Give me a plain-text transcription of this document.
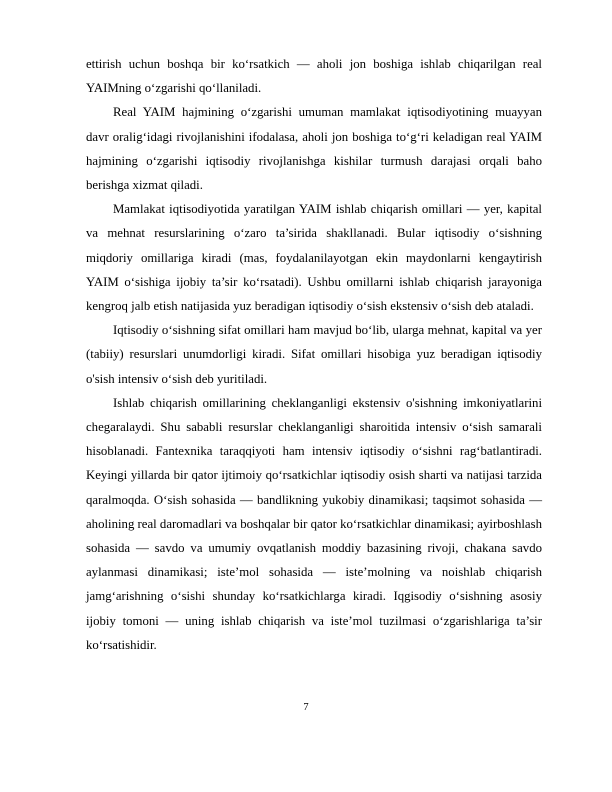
ettirish uchun boshqa bir ko‘rsatkich — aholi jon boshiga ishlab chiqarilgan real YAIMning o‘zgarishi qo‘llaniladi.

Real YAIM hajmining o‘zgarishi umuman mamlakat iqtisodiyotining muayyan davr oralig‘idagi rivojlanishini ifodalasa, aholi jon boshiga to‘g‘ri keladigan real YAIM hajmining o‘zgarishi iqtisodiy rivojlanishga kishilar turmush darajasi orqali baho berishga xizmat qiladi.

Mamlakat iqtisodiyotida yaratilgan YAIM ishlab chiqarish omillari — yer, kapital va mehnat resurslarining o‘zaro ta’sirida shakllanadi. Bular iqtisodiy o‘sishning miqdoriy omillariga kiradi (mas, foydalanilayotgan ekin maydonlarni kengaytirish YAIM o‘sishiga ijobiy ta’sir ko‘rsatadi). Ushbu omillarni ishlab chiqarish jarayoniga kengroq jalb etish natijasida yuz beradigan iqtisodiy o‘sish ekstensiv o‘sish deb ataladi.

Iqtisodiy o‘sishning sifat omillari ham mavjud bo‘lib, ularga mehnat, kapital va yer (tabiiy) resurslari unumdorligi kiradi. Sifat omillari hisobiga yuz beradigan iqtisodiy o'sish intensiv o‘sish deb yuritiladi.

Ishlab chiqarish omillarining cheklanganligi ekstensiv o'sishning imkoniyatlarini chegaralaydi. Shu sababli resurslar cheklanganligi sharoitida intensiv o‘sish samarali hisoblanadi. Fantexnika taraqqiyoti ham intensiv iqtisodiy o‘sishni rag‘batlantiradi. Keyingi yillarda bir qator ijtimoiy qo‘rsatkichlar iqtisodiy osish sharti va natijasi tarzida qaralmoqda. O‘sish sohasida — bandlikning yukobiy dinamikasi; taqsimot sohasida — aholining real daromadlari va boshqalar bir qator ko‘rsatkichlar dinamikasi; ayirboshlash sohasida — savdo va umumiy ovqatlanish moddiy bazasining rivoji, chakana savdo aylanmasi dinamikasi; iste’mol sohasida — iste’molning va noishlab chiqarish jamg‘arishning o‘sishi shunday ko‘rsatkichlarga kiradi. Iqgisodiy o‘sishning asosiy ijobiy tomoni — uning ishlab chiqarish va iste’mol tuzilmasi o‘zgarishlariga ta’sir ko‘rsatishidir.

7
